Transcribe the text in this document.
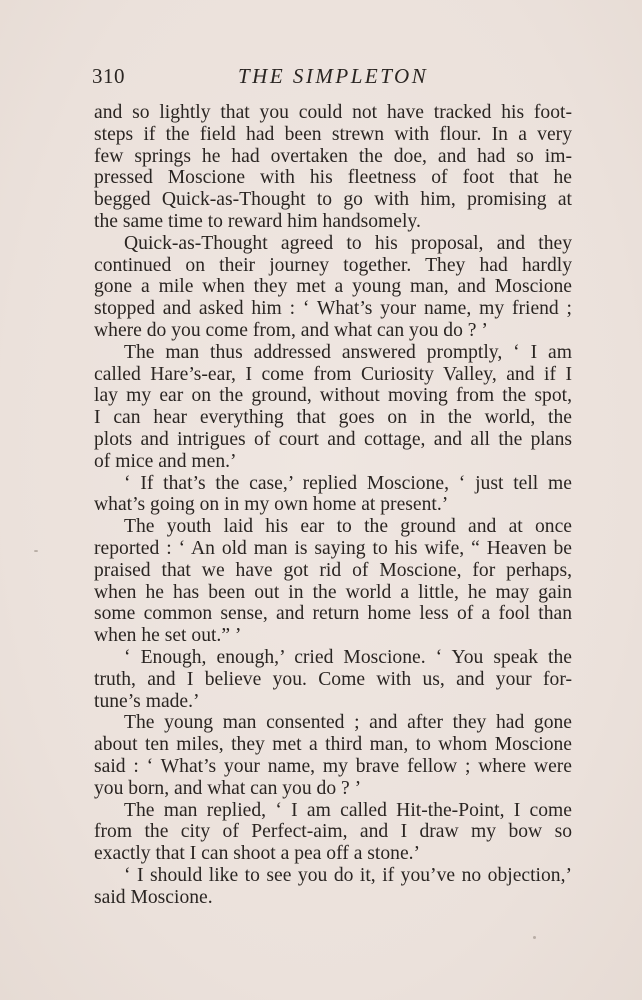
310	THE SIMPLETON
and so lightly that you could not have tracked his foot-
steps if the field had been strewn with flour. In a very
few springs he had overtaken the doe, and had so im-
pressed Moscione with his fleetness of foot that he
begged Quick-as-Thought to go with him, promising at
the same time to reward him handsomely.
Quick-as-Thought agreed to his proposal, and they
continued on their journey together. They had hardly
gone a mile when they met a young man, and Moscione
stopped and asked him : ‘ What’s your name, my friend ;
where do you come from, and what can you do ? ’
The man thus addressed answered promptly, ‘ I am
called Hare’s-ear, I come from Curiosity Valley, and if I
lay my ear on the ground, without moving from the spot,
I can hear everything that goes on in the world, the
plots and intrigues of court and cottage, and all the plans
of mice and men.’
‘ If that’s the case,’ replied Moscione, ‘ just tell me
what’s going on in my own home at present.’
The youth laid his ear to the ground and at once
reported : ‘ An old man is saying to his wife, “ Heaven be
praised that we have got rid of Moscione, for perhaps,
when he has been out in the world a little, he may gain
some common sense, and return home less of a fool than
when he set out.” ’
‘ Enough, enough,’ cried Moscione. ‘ You speak the
truth, and I believe you. Come with us, and your for-
tune’s made.’
The young man consented ; and after they had gone
about ten miles, they met a third man, to whom Moscione
said : ‘ What’s your name, my brave fellow ; where were
you born, and what can you do ? ’
The man replied, ‘ I am called Hit-the-Point, I come
from the city of Perfect-aim, and I draw my bow so
exactly that I can shoot a pea off a stone.’
‘ I should like to see you do it, if you’ve no objection,’
said Moscione.
